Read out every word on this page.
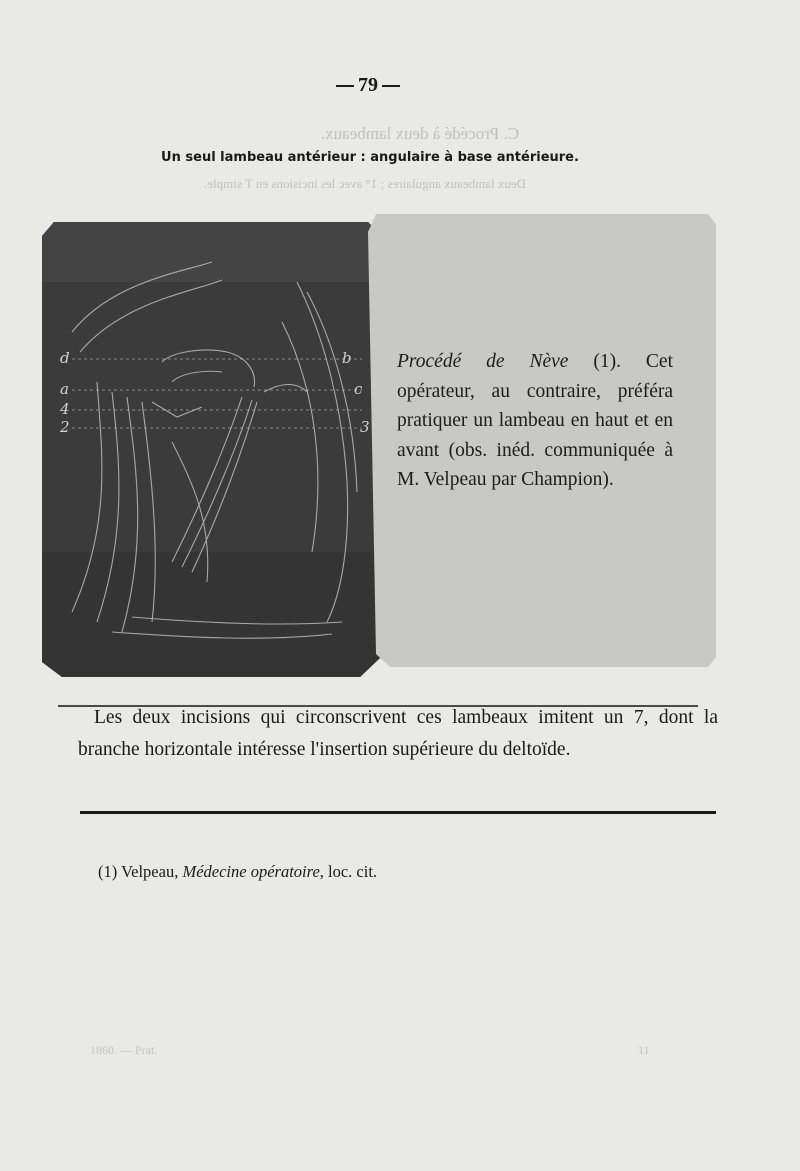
C. Procédé à deux lambeaux.
Deux lambeaux angulaires ; 1° avec les incisions en T simple.
79
Un seul lambeau antérieur : angulaire à base antérieure.
d
a
4
2
b
c
3
Procédé de Nève (1). Cet opérateur, au contraire, préféra pratiquer un lambeau en haut et en avant (obs. inéd. communiquée à M. Velpeau par Champion).
Les deux incisions qui circonscrivent ces lambeaux imitent un 7, dont la branche horizontale intéresse l'insertion supérieure du deltoïde.
(1) Velpeau, Médecine opératoire, loc. cit.
1860. — Prat.	11
